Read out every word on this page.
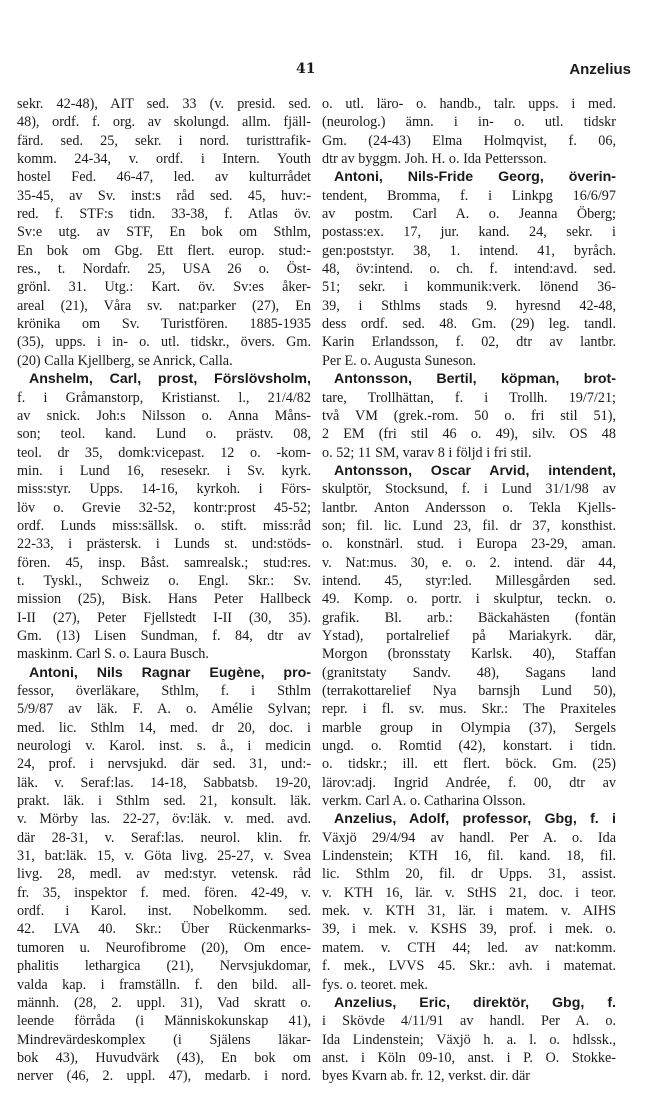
41	Anzelius
sekr. 42-48), AIT sed. 33 (v. presid. sed.
48), ordf. f. org. av skolungd. allm. fjäll-
färd. sed. 25, sekr. i nord. turisttrafik-
komm. 24-34, v. ordf. i Intern. Youth
hostel Fed. 46-47, led. av kulturrådet
35-45, av Sv. inst:s råd sed. 45, huv:-
red. f. STF:s tidn. 33-38, f. Atlas öv.
Sv:e utg. av STF, En bok om Sthlm,
En bok om Gbg. Ett flert. europ. stud:-
res., t. Nordafr. 25, USA 26 o. Öst-
grönl. 31. Utg.: Kart. öv. Sv:es åker-
areal (21), Våra sv. nat:parker (27), En
krönika om Sv. Turistfören. 1885-1935
(35), upps. i in- o. utl. tidskr., övers. Gm.
(20) Calla Kjellberg, se Anrick, Calla.
Anshelm, Carl, prost, Förslövsholm,
f. i Gråmanstorp, Kristianst. l., 21/4/82
av snick. Joh:s Nilsson o. Anna Måns-
son; teol. kand. Lund o. prästv. 08,
teol. dr 35, domk:vicepast. 12 o. -kom-
min. i Lund 16, resesekr. i Sv. kyrk.
miss:styr. Upps. 14-16, kyrkoh. i Förs-
löv o. Grevie 32-52, kontr:prost 45-52;
ordf. Lunds miss:sällsk. o. stift. miss:råd
22-33, i prästersk. i Lunds st. und:stöds-
fören. 45, insp. Båst. samrealsk.; stud:res.
t. Tyskl., Schweiz o. Engl. Skr.: Sv.
mission (25), Bisk. Hans Peter Hallbeck
I-II (27), Peter Fjellstedt I-II (30, 35).
Gm. (13) Lisen Sundman, f. 84, dtr av
maskinm. Carl S. o. Laura Busch.
Antoni, Nils Ragnar Eugène, pro-
fessor, överläkare, Sthlm, f. i Sthlm
5/9/87 av läk. F. A. o. Amélie Sylvan;
med. lic. Sthlm 14, med. dr 20, doc. i
neurologi v. Karol. inst. s. å., i medicin
24, prof. i nervsjukd. där sed. 31, und:-
läk. v. Seraf:las. 14-18, Sabbatsb. 19-20,
prakt. läk. i Sthlm sed. 21, konsult. läk.
v. Mörby las. 22-27, öv:läk. v. med. avd.
där 28-31, v. Seraf:las. neurol. klin. fr.
31, bat:läk. 15, v. Göta livg. 25-27, v. Svea
livg. 28, medl. av med:styr. vetensk. råd
fr. 35, inspektor f. med. fören. 42-49, v.
ordf. i Karol. inst. Nobelkomm. sed.
42. LVA 40. Skr.: Über Rückenmarks-
tumoren u. Neurofibrome (20), Om ence-
phalitis lethargica (21), Nervsjukdomar,
valda kap. i framställn. f. den bild. all-
männh. (28, 2. uppl. 31), Vad skratt o.
leende förråda (i Människokunskap 41),
Mindrevärdeskomplex (i Själens läkar-
bok 43), Huvudvärk (43), En bok om
nerver (46, 2. uppl. 47), medarb. i nord.
o. utl. läro- o. handb., talr. upps. i med.
(neurolog.) ämn. i in- o. utl. tidskr
Gm. (24-43) Elma Holmqvist, f. 06,
dtr av byggm. Joh. H. o. Ida Pettersson.
Antoni, Nils-Fride Georg, överin-
tendent, Bromma, f. i Linkpg 16/6/97
av postm. Carl A. o. Jeanna Öberg;
postass:ex. 17, jur. kand. 24, sekr. i
gen:poststyr. 38, 1. intend. 41, byråch.
48, öv:intend. o. ch. f. intend:avd. sed.
51; sekr. i kommunik:verk. lönend 36-
39, i Sthlms stads 9. hyresnd 42-48,
dess ordf. sed. 48. Gm. (29) leg. tandl.
Karin Erlandsson, f. 02, dtr av lantbr.
Per E. o. Augusta Suneson.
Antonsson, Bertil, köpman, brot-
tare, Trollhättan, f. i Trollh. 19/7/21;
två VM (grek.-rom. 50 o. fri stil 51),
2 EM (fri stil 46 o. 49), silv. OS 48
o. 52; 11 SM, varav 8 i följd i fri stil.
Antonsson, Oscar Arvid, intendent,
skulptör, Stocksund, f. i Lund 31/1/98 av
lantbr. Anton Andersson o. Tekla Kjells-
son; fil. lic. Lund 23, fil. dr 37, konsthist.
o. konstnärl. stud. i Europa 23-29, aman.
v. Nat:mus. 30, e. o. 2. intend. där 44,
intend. 45, styr:led. Millesgården sed.
49. Komp. o. portr. i skulptur, teckn. o.
grafik. Bl. arb.: Bäckahästen (fontän
Ystad), portalrelief på Mariakyrk. där,
Morgon (bronsstaty Karlsk. 40), Staffan
(granitstaty Sandv. 48), Sagans land
(terrakottarelief Nya barnsjh Lund 50),
repr. i fl. sv. mus. Skr.: The Praxiteles
marble group in Olympia (37), Sergels
ungd. o. Romtid (42), konstart. i tidn.
o. tidskr.; ill. ett flert. böck. Gm. (25)
lärov:adj. Ingrid Andrée, f. 00, dtr av
verkm. Carl A. o. Catharina Olsson.
Anzelius, Adolf, professor, Gbg, f. i
Växjö 29/4/94 av handl. Per A. o. Ida
Lindenstein; KTH 16, fil. kand. 18, fil.
lic. Sthlm 20, fil. dr Upps. 31, assist.
v. KTH 16, lär. v. StHS 21, doc. i teor.
mek. v. KTH 31, lär. i matem. v. AIHS
39, i mek. v. KSHS 39, prof. i mek. o.
matem. v. CTH 44; led. av nat:komm.
f. mek., LVVS 45. Skr.: avh. i matemat.
fys. o. teoret. mek.
Anzelius, Eric, direktör, Gbg, f.
i Skövde 4/11/91 av handl. Per A. o.
Ida Lindenstein; Växjö h. a. l. o. hdlssk.,
anst. i Köln 09-10, anst. i P. O. Stokke-
byes Kvarn ab. fr. 12, verkst. dir. där
